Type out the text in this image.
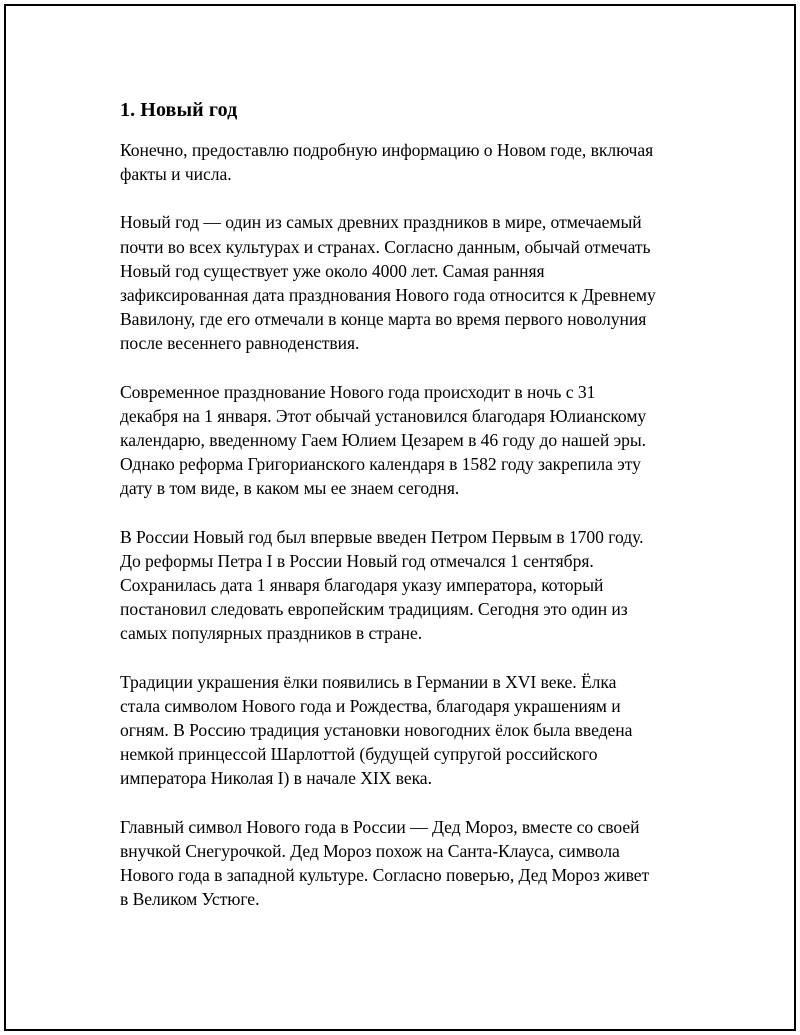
1. Новый год

Конечно, предоставлю подробную информацию о Новом годе, включая
факты и числа.

Новый год — один из самых древних праздников в мире, отмечаемый
почти во всех культурах и странах. Согласно данным, обычай отмечать
Новый год существует уже около 4000 лет. Самая ранняя
зафиксированная дата празднования Нового года относится к Древнему
Вавилону, где его отмечали в конце марта во время первого новолуния
после весеннего равноденствия.

Современное празднование Нового года происходит в ночь с 31
декабря на 1 января. Этот обычай установился благодаря Юлианскому
календарю, введенному Гаем Юлием Цезарем в 46 году до нашей эры.
Однако реформа Григорианского календаря в 1582 году закрепила эту
дату в том виде, в каком мы ее знаем сегодня.

В России Новый год был впервые введен Петром Первым в 1700 году.
До реформы Петра I в России Новый год отмечался 1 сентября.
Сохранилась дата 1 января благодаря указу императора, который
постановил следовать европейским традициям. Сегодня это один из
самых популярных праздников в стране.

Традиции украшения ёлки появились в Германии в XVI веке. Ёлка
стала символом Нового года и Рождества, благодаря украшениям и
огням. В Россию традиция установки новогодних ёлок была введена
немкой принцессой Шарлоттой (будущей супругой российского
императора Николая I) в начале XIX века.

Главный символ Нового года в России — Дед Мороз, вместе со своей
внучкой Снегурочкой. Дед Мороз похож на Санта-Клауса, символа
Нового года в западной культуре. Согласно поверью, Дед Мороз живет
в Великом Устюге.
